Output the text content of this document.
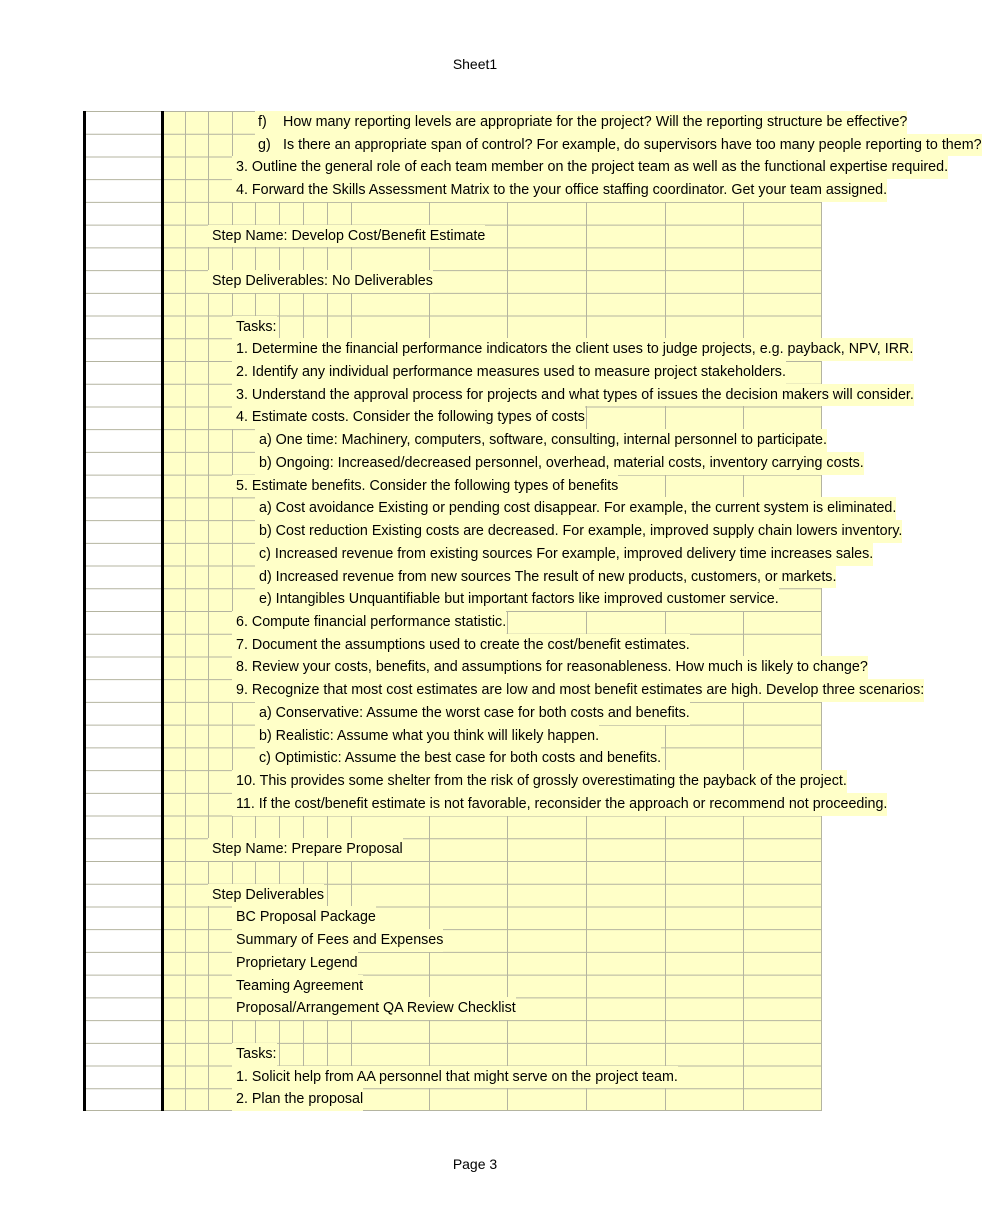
Sheet1
f)	How many reporting levels are appropriate for the project? Will the reporting structure be effective?
g) Is there an appropriate span of control? For example, do supervisors have too many people reporting to them?
3. Outline the general role of each team member on the project team as well as the functional expertise required.
4. Forward the Skills Assessment Matrix to the your office staffing coordinator. Get your team assigned.
Step Name: Develop Cost/Benefit Estimate
Step Deliverables: No Deliverables
Tasks:
1. Determine the financial performance indicators the client uses to judge projects, e.g. payback, NPV, IRR.
2. Identify any individual performance measures used to measure project stakeholders.
3. Understand the approval process for projects and what types of issues the decision makers will consider.
4. Estimate costs. Consider the following types of costs
a) One time: Machinery, computers, software, consulting, internal personnel to participate.
b) Ongoing: Increased/decreased personnel, overhead, material costs, inventory carrying costs.
5. Estimate benefits. Consider the following types of benefits
a) Cost avoidance Existing or pending cost disappear. For example, the current system is eliminated.
b) Cost reduction Existing costs are decreased. For example, improved supply chain lowers inventory.
c) Increased revenue from existing sources For example, improved delivery time increases sales.
d) Increased revenue from new sources The result of new products, customers, or markets.
e) Intangibles Unquantifiable but important factors like improved customer service.
6. Compute financial performance statistic.
7. Document the assumptions used to create the cost/benefit estimates.
8. Review your costs, benefits, and assumptions for reasonableness. How much is likely to change?
9. Recognize that most cost estimates are low and most benefit estimates are high. Develop three scenarios:
a) Conservative: Assume the worst case for both costs and benefits.
b) Realistic: Assume what you think will likely happen.
c) Optimistic: Assume the best case for both costs and benefits.
10. This provides some shelter from the risk of grossly overestimating the payback of the project.
11. If the cost/benefit estimate is not favorable, reconsider the approach or recommend not proceeding.
Step Name: Prepare Proposal
Step Deliverables
BC Proposal Package
Summary of Fees and Expenses
Proprietary Legend
Teaming Agreement
Proposal/Arrangement QA Review Checklist
Tasks:
1. Solicit help from AA personnel that might serve on the project team.
2. Plan the proposal
Page 3
